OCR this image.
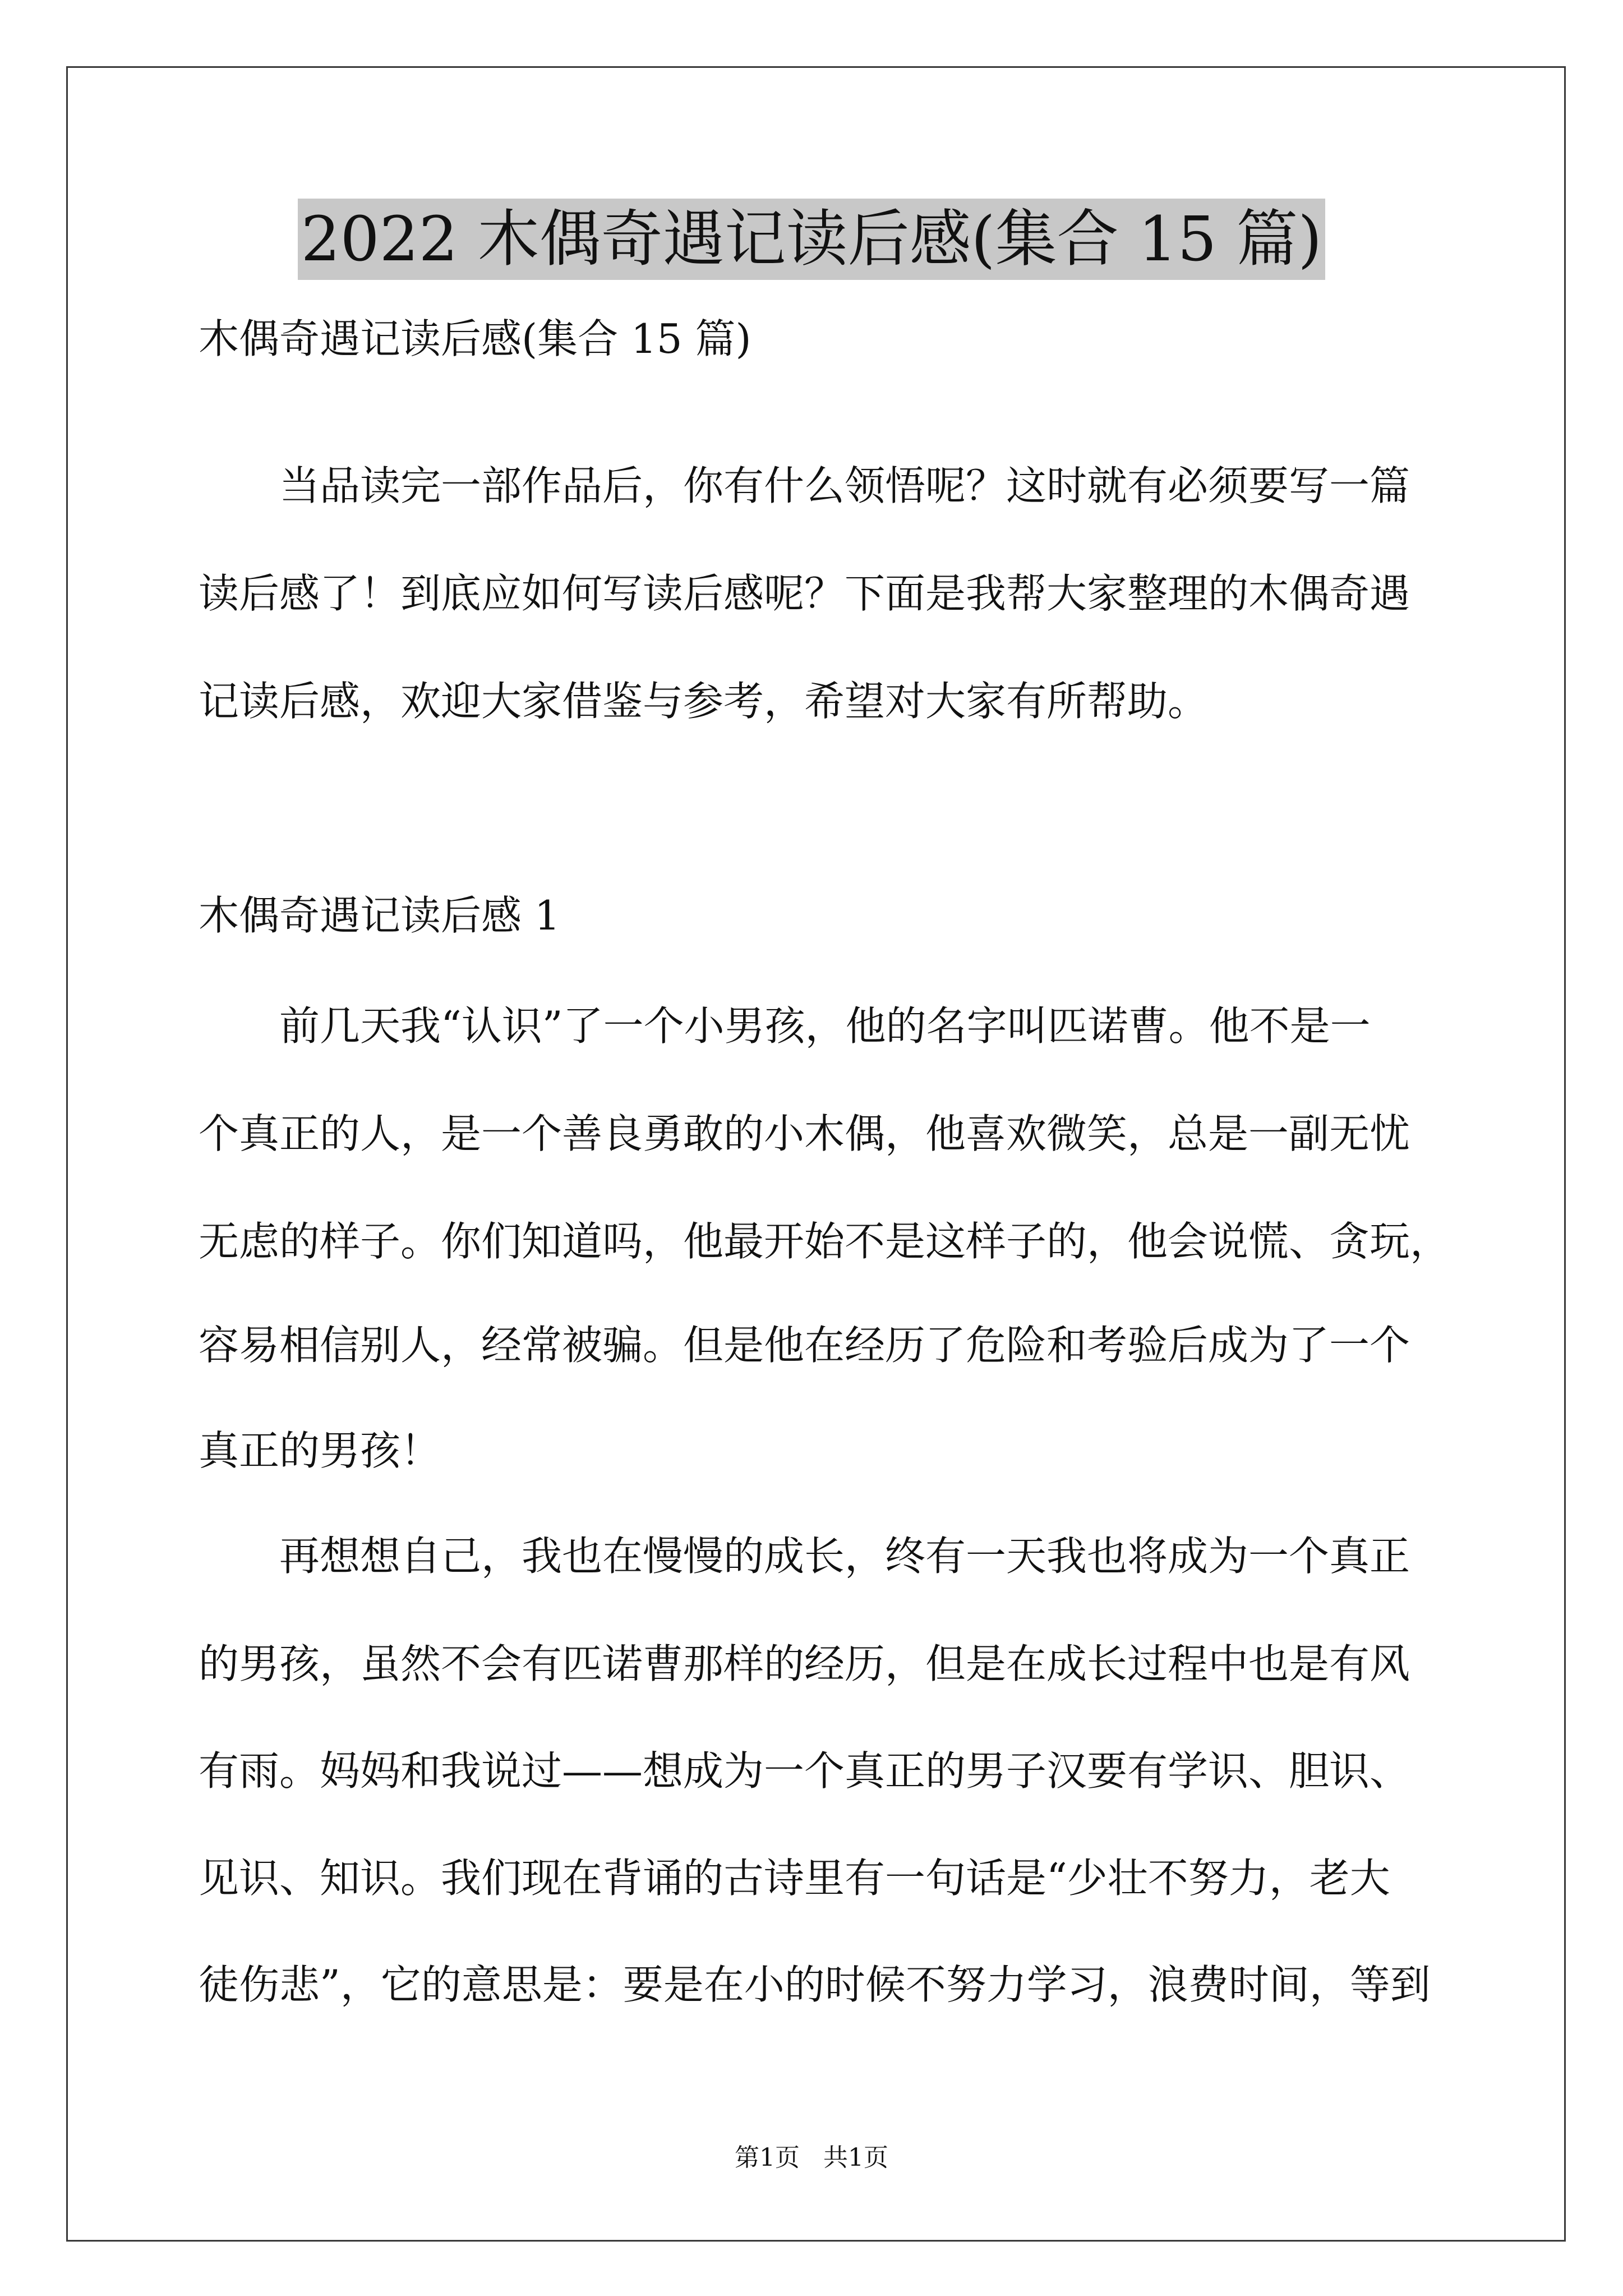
2022 木偶奇遇记读后感(集合 15 篇)
木偶奇遇记读后感(集合 15 篇)
当品读完一部作品后，你有什么领悟呢？这时就有必须要写一篇
读后感了！到底应如何写读后感呢？下面是我帮大家整理的木偶奇遇
记读后感，欢迎大家借鉴与参考，希望对大家有所帮助。
木偶奇遇记读后感 1
前几天我“认识”了一个小男孩，他的名字叫匹诺曹。他不是一
个真正的人，是一个善良勇敢的小木偶，他喜欢微笑，总是一副无忧
无虑的样子。你们知道吗，他最开始不是这样子的，他会说慌、贪玩，
容易相信别人，经常被骗。但是他在经历了危险和考验后成为了一个
真正的男孩！
再想想自己，我也在慢慢的成长，终有一天我也将成为一个真正
的男孩，虽然不会有匹诺曹那样的经历，但是在成长过程中也是有风
有雨。妈妈和我说过——想成为一个真正的男子汉要有学识、胆识、
见识、知识。我们现在背诵的古诗里有一句话是“少壮不努力，老大
徒伤悲”，它的意思是：要是在小的时候不努力学习，浪费时间，等到
第1页   共1页
